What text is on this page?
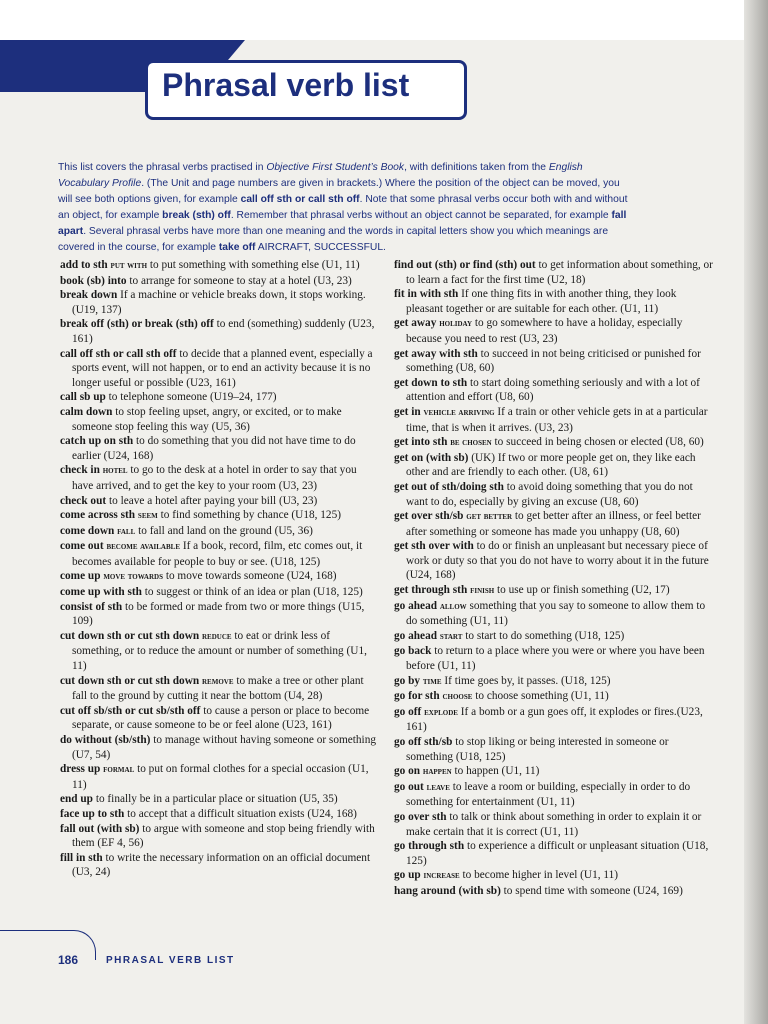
Phrasal verb list
This list covers the phrasal verbs practised in Objective First Student’s Book, with definitions taken from the English Vocabulary Profile. (The Unit and page numbers are given in brackets.) Where the position of the object can be moved, you will see both options given, for example call off sth or call sth off. Note that some phrasal verbs occur both with and without an object, for example break (sth) off. Remember that phrasal verbs without an object cannot be separated, for example fall apart. Several phrasal verbs have more than one meaning and the words in capital letters show you which meanings are covered in the course, for example take off AIRCRAFT, SUCCESSFUL.
add to sth put with to put something with something else (U1, 11)
book (sb) into to arrange for someone to stay at a hotel (U3, 23)
break down If a machine or vehicle breaks down, it stops working. (U19, 137)
break off (sth) or break (sth) off to end (something) suddenly (U23, 161)
call off sth or call sth off to decide that a planned event, especially a sports event, will not happen, or to end an activity because it is no longer useful or possible (U23, 161)
call sb up to telephone someone (U19–24, 177)
calm down to stop feeling upset, angry, or excited, or to make someone stop feeling this way (U5, 36)
catch up on sth to do something that you did not have time to do earlier (U24, 168)
check in hotel to go to the desk at a hotel in order to say that you have arrived, and to get the key to your room (U3, 23)
check out to leave a hotel after paying your bill (U3, 23)
come across sth seem to find something by chance (U18, 125)
come down fall to fall and land on the ground (U5, 36)
come out become available If a book, record, film, etc comes out, it becomes available for people to buy or see. (U18, 125)
come up move towards to move towards someone (U24, 168)
come up with sth to suggest or think of an idea or plan (U18, 125)
consist of sth to be formed or made from two or more things (U15, 109)
cut down sth or cut sth down reduce to eat or drink less of something, or to reduce the amount or number of something (U1, 11)
cut down sth or cut sth down remove to make a tree or other plant fall to the ground by cutting it near the bottom (U4, 28)
cut off sb/sth or cut sb/sth off to cause a person or place to become separate, or cause someone to be or feel alone (U23, 161)
do without (sb/sth) to manage without having someone or something (U7, 54)
dress up formal to put on formal clothes for a special occasion (U1, 11)
end up to finally be in a particular place or situation (U5, 35)
face up to sth to accept that a difficult situation exists (U24, 168)
fall out (with sb) to argue with someone and stop being friendly with them (EF 4, 56)
fill in sth to write the necessary information on an official document (U3, 24)
find out (sth) or find (sth) out to get information about something, or to learn a fact for the first time (U2, 18)
fit in with sth If one thing fits in with another thing, they look pleasant together or are suitable for each other. (U1, 11)
get away holiday to go somewhere to have a holiday, especially because you need to rest (U3, 23)
get away with sth to succeed in not being criticised or punished for something (U8, 60)
get down to sth to start doing something seriously and with a lot of attention and effort (U8, 60)
get in vehicle arriving If a train or other vehicle gets in at a particular time, that is when it arrives. (U3, 23)
get into sth be chosen to succeed in being chosen or elected (U8, 60)
get on (with sb) (UK) If two or more people get on, they like each other and are friendly to each other. (U8, 61)
get out of sth/doing sth to avoid doing something that you do not want to do, especially by giving an excuse (U8, 60)
get over sth/sb get better to get better after an illness, or feel better after something or someone has made you unhappy (U8, 60)
get sth over with to do or finish an unpleasant but necessary piece of work or duty so that you do not have to worry about it in the future (U24, 168)
get through sth finish to use up or finish something (U2, 17)
go ahead allow something that you say to someone to allow them to do something (U1, 11)
go ahead start to start to do something (U18, 125)
go back to return to a place where you were or where you have been before (U1, 11)
go by time If time goes by, it passes. (U18, 125)
go for sth choose to choose something (U1, 11)
go off explode If a bomb or a gun goes off, it explodes or fires.(U23, 161)
go off sth/sb to stop liking or being interested in someone or something (U18, 125)
go on happen to happen (U1, 11)
go out leave to leave a room or building, especially in order to do something for entertainment (U1, 11)
go over sth to talk or think about something in order to explain it or make certain that it is correct (U1, 11)
go through sth to experience a difficult or unpleasant situation (U18, 125)
go up increase to become higher in level (U1, 11)
hang around (with sb) to spend time with someone (U24, 169)
186	PHRASAL VERB LIST
